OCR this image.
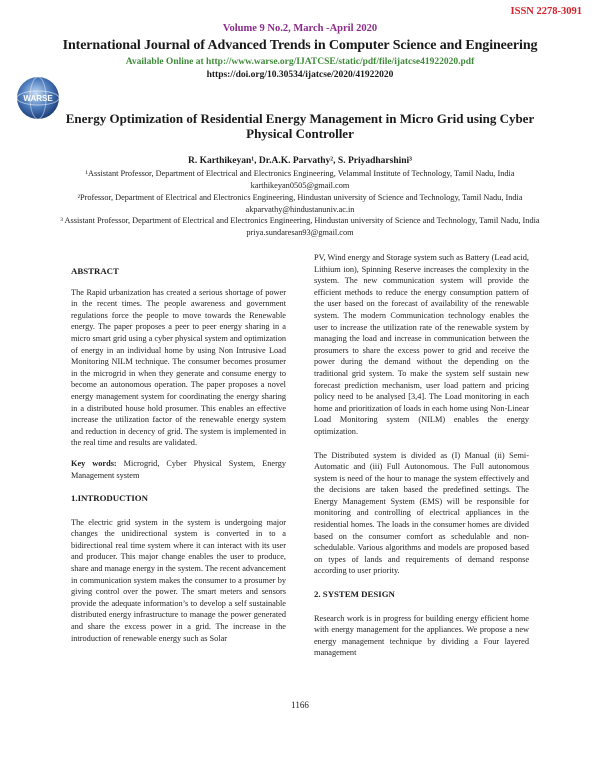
ISSN 2278-3091
Volume 9 No.2, March -April 2020
International Journal of Advanced Trends in Computer Science and Engineering
Available Online at http://www.warse.org/IJATCSE/static/pdf/file/ijatcse41922020.pdf
https://doi.org/10.30534/ijatcse/2020/41922020
WARSE
Energy Optimization of Residential Energy Management in Micro Grid using Cyber Physical Controller
R. Karthikeyan¹, Dr.A.K. Parvathy², S. Priyadharshini³
¹Assistant Professor, Department of Electrical and Electronics Engineering, Velammal Institute of Technology, Tamil Nadu, India karthikeyan0505@gmail.com
²Professor, Department of Electrical and Electronics Engineering, Hindustan university of Science and Technology, Tamil Nadu, India akparvathy@hindustanuniv.ac.in
³ Assistant Professor, Department of Electrical and Electronics Engineering, Hindustan university of Science and Technology, Tamil Nadu, India priya.sundaresan93@gmail.com

ABSTRACT

The Rapid urbanization has created a serious shortage of power in the recent times. The people awareness and government regulations force the people to move towards the Renewable energy. The paper proposes a peer to peer energy sharing in a micro smart grid using a cyber physical system and optimization of energy in an individual home by using Non Intrusive Load Monitoring NILM technique. The consumer becomes prosumer in the microgrid in when they generate and consume energy to become an autonomous operation. The paper proposes a novel energy management system for coordinating the energy sharing in a distributed house hold prosumer. This enables an effective increase the utilization factor of the renewable energy system and reduction in decency of grid. The system is implemented in the real time and results are validated.

Key words: Microgrid, Cyber Physical System, Energy Management system

1.INTRODUCTION

The electric grid system in the system is undergoing major changes the unidirectional system is converted in to a bidirectional real time system where it can interact with its user and producer. This major change enables the user to produce, share and manage energy in the system. The recent advancement in communication system makes the consumer to a prosumer by giving control over the power. The smart meters and sensors provide the adequate information’s to develop a self sustainable distributed energy infrastructure to manage the power generated and share the excess power in a grid. The increase in the introduction of renewable energy such as Solar

PV, Wind energy and Storage system such as Battery (Lead acid, Lithium ion), Spinning Reserve increases the complexity in the system. The new communication system will provide the efficient methods to reduce the energy consumption pattern of the user based on the forecast of availability of the renewable system. The modern Communication technology enables the user to increase the utilization rate of the renewable system by managing the load and increase in communication between the prosumers to share the excess power to grid and receive the power during the demand without the depending on the traditional grid system. To make the system self sustain new forecast prediction mechanism, user load pattern and pricing policy need to be analysed [3,4]. The Load monitoring in each home and prioritization of loads in each home using Non-Linear Load Monitoring system (NILM) enables the energy optimization.

The Distributed system is divided as (I) Manual (ii) Semi-Automatic and (iii) Full Autonomous. The Full autonomous system is need of the hour to manage the system effectively and the decisions are taken based the predefined settings. The Energy Management System (EMS) will be responsible for monitoring and controlling of electrical appliances in the residential homes. The loads in the consumer homes are divided based on the consumer comfort as schedulable and non-schedulable. Various algorithms and models are proposed based on types of lands and requirements of demand response according to user priority.

2. SYSTEM DESIGN

Research work is in progress for building energy efficient home with energy management for the appliances. We propose a new energy management technique by dividing a Four layered management

1166
